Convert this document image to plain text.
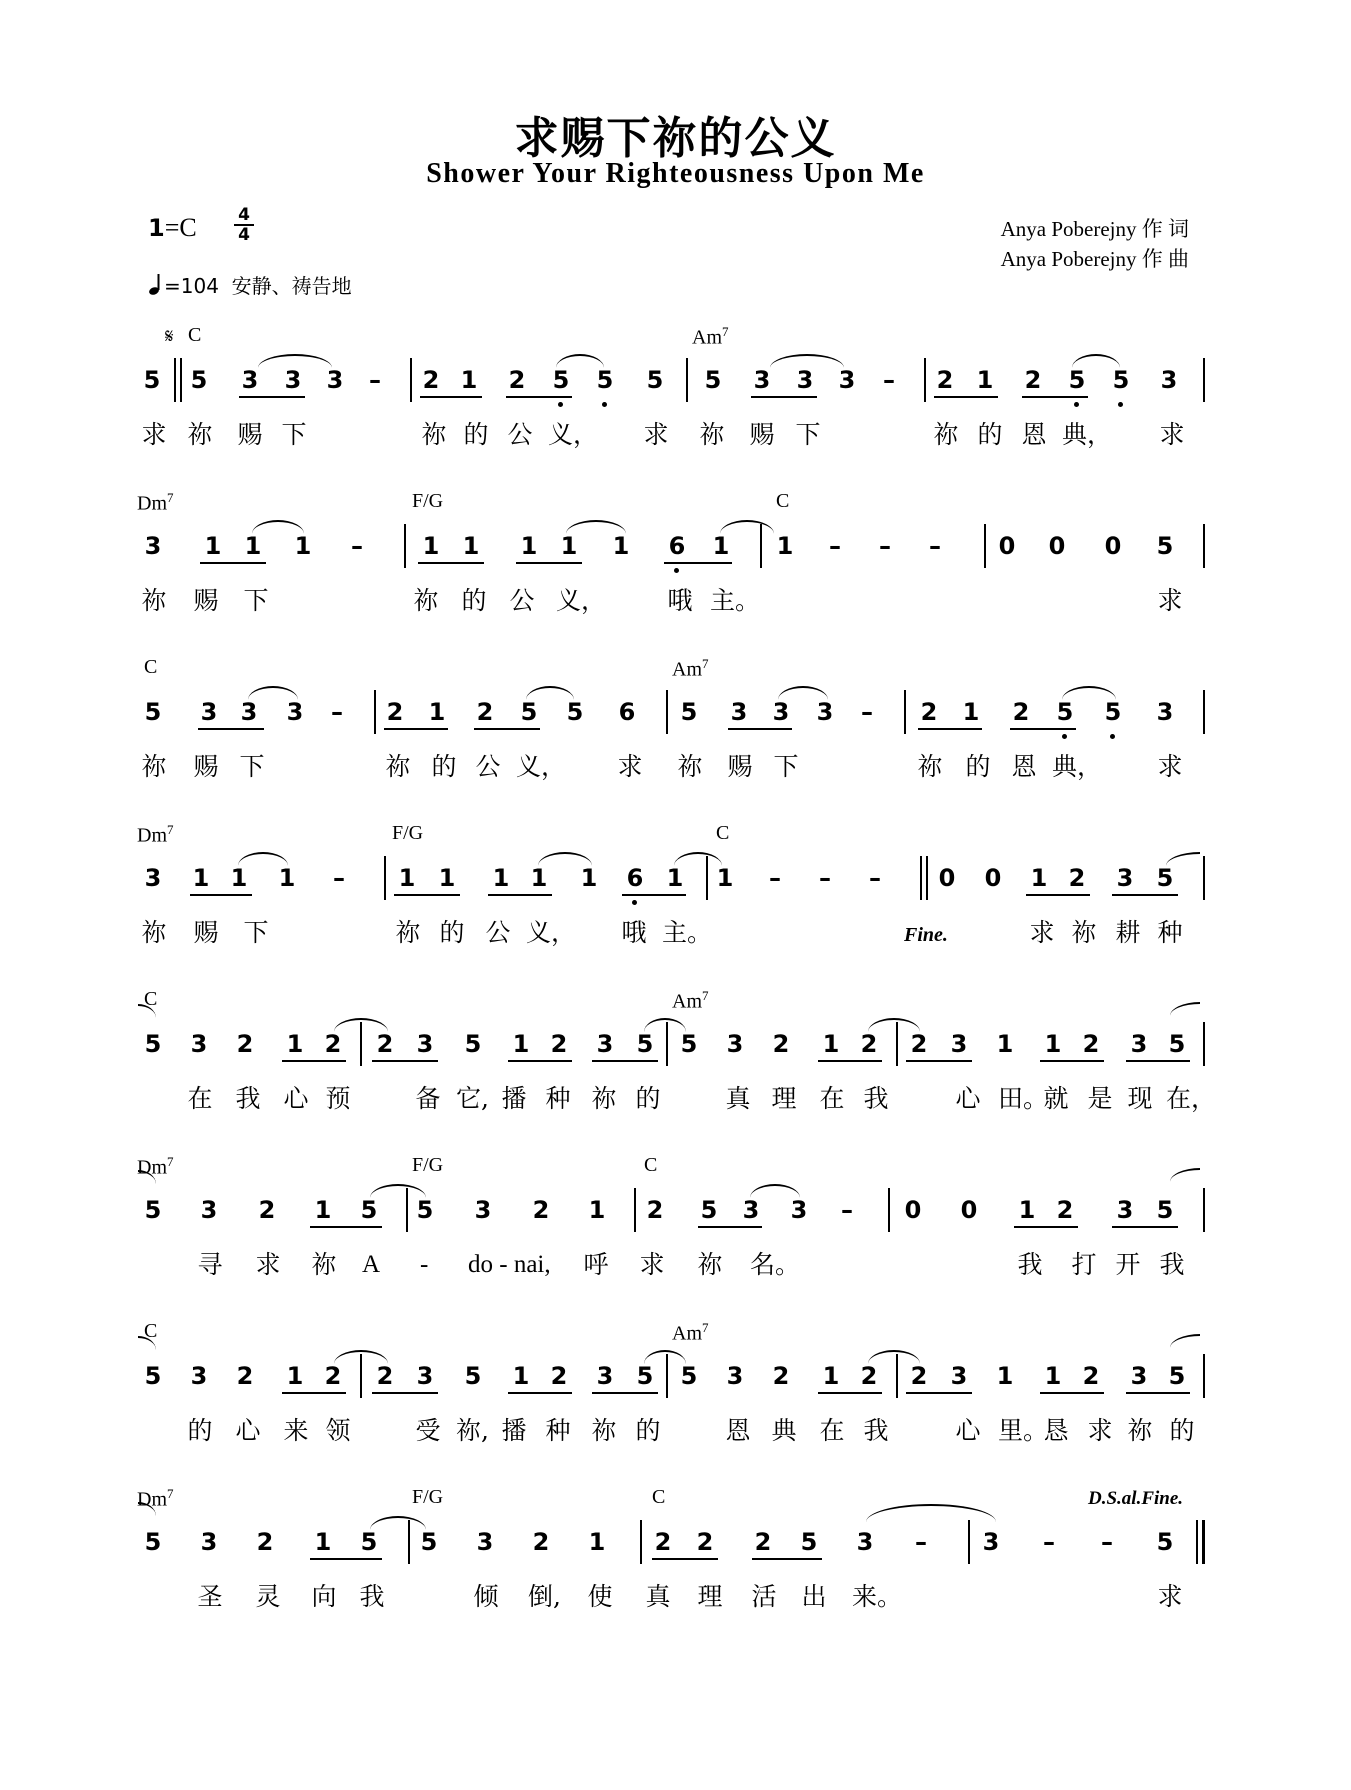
求赐下祢的公义
Shower Your Righteousness Upon Me
1=C	4
4
=104 安静、祷告地
Anya Poberejny 作 词
Anya Poberejny 作 曲
𝄋 C	Am$^7$
5 5 3 3 3 – 2 1 2 5 5 5 5 3 3 3 – 2 1 2 5 5 3
求 祢 赐 下	祢 的 公 义， 求 祢 赐 下	祢 的 恩 典， 求
Dm$^7$	F/G	C
3 1 1 1 – 1 1 1 1 1 6 1 1 – – – 0 0 0 5
祢 赐 下	祢 的 公 义， 哦 主。	求
C	Am$^7$
5 3 3 3 – 2 1 2 5 5 6 5 3 3 3 – 2 1 2 5 5 3
祢 赐 下	祢 的 公 义， 求 祢 赐 下	祢 的 恩 典， 求
Dm$^7$	F/G	C
3 1 1 1 – 1 1 1 1 1 6 1 1 – – – 0 0 1 2 3 5
祢 赐 下	祢 的 公 义， 哦 主。	Fine.	求 祢 耕 种
C	Am$^7$
5 3 2 1 2 2 3 5 1 2 3 5 5 3 2 1 2 2 3 1 1 2 3 5
在 我 心 预	备 它, 播 种 祢 的	真 理 在 我	心 田。
就 是 现 在，
Dm$^7$	F/G	C
5 3 2 1 5 5 3 2 1 2 5 3 3 – 0 0 1 2 3 5
寻 求 祢 A - do - nai, 呼 求 祢 名。	我 打 开 我
C	Am$^7$
5 3 2 1 2 2 3 5 1 2 3 5 5 3 2 1 2 2 3 1 1 2 3 5
的 心 来 领	受 祢, 播 种 祢 的	恩 典 在 我	心 里。
恳 求 祢 的
Dm$^7$	F/G	C	D.S.al.Fine.
5 3 2 1 5 5 3 2 1 2 2 2 5 3 – 3 – – 5
圣 灵 向 我	倾 倒, 使 真 理 活 出 来。	求
